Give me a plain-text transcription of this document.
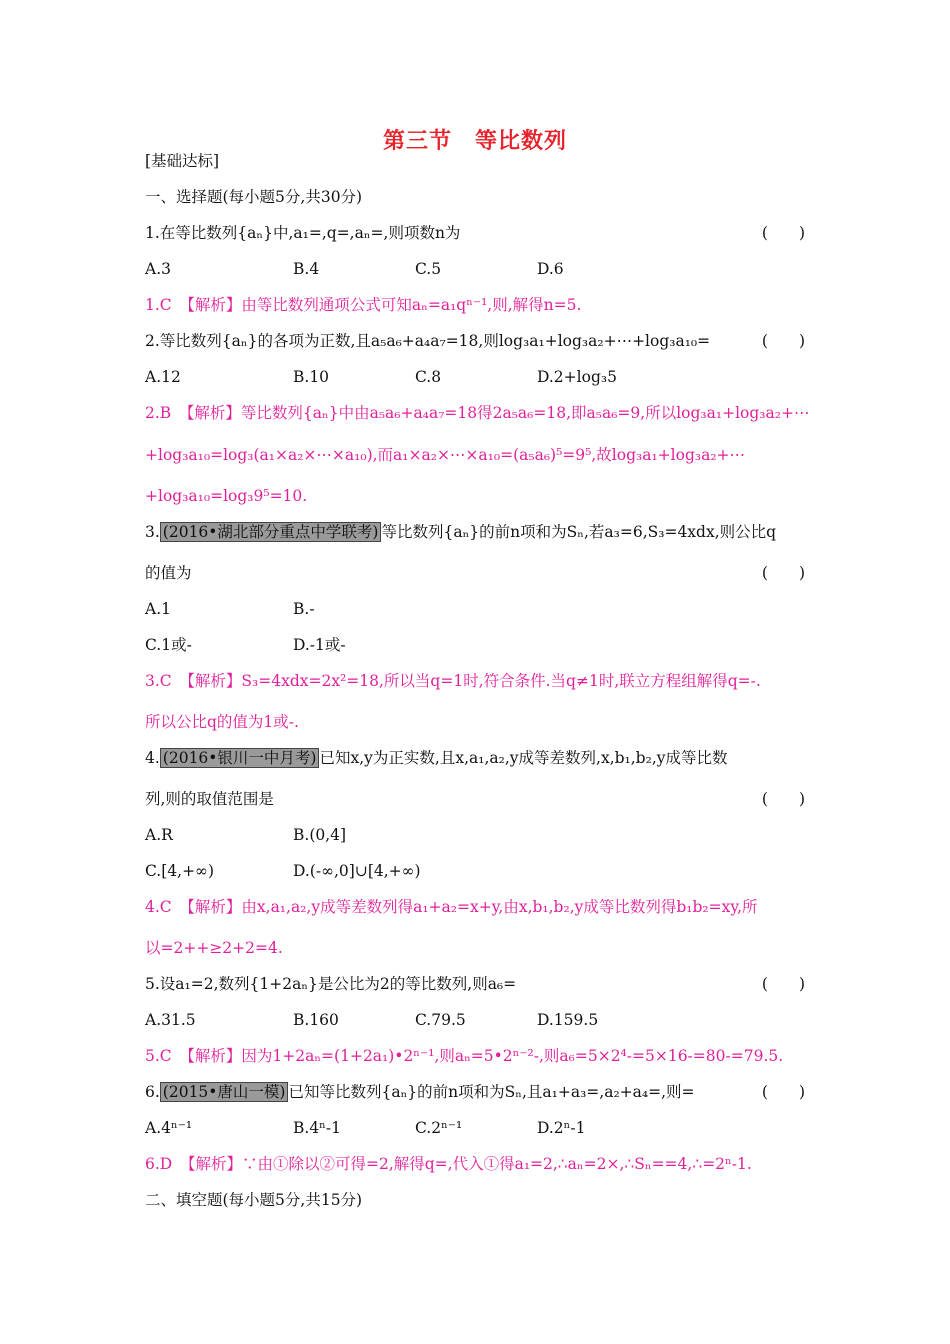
第三节　等比数列
[基础达标]
一、选择题(每小题5分,共30分)
1.在等比数列{aₙ}中,a₁=,q=,aₙ=,则项数n为	(　　)
A.3	B.4	C.5	D.6
1.C　【解析】由等比数列通项公式可知aₙ=a₁qⁿ⁻¹,则,解得n=5.
2.等比数列{aₙ}的各项为正数,且a₅a₆+a₄a₇=18,则log₃a₁+log₃a₂+⋯+log₃a₁₀=	(　　)
A.12	B.10	C.8	D.2+log₃5
2.B　【解析】等比数列{aₙ}中由a₅a₆+a₄a₇=18得2a₅a₆=18,即a₅a₆=9,所以log₃a₁+log₃a₂+⋯
+log₃a₁₀=log₃(a₁×a₂×⋯×a₁₀),而a₁×a₂×⋯×a₁₀=(a₅a₆)⁵=9⁵,故log₃a₁+log₃a₂+⋯
+log₃a₁₀=log₃9⁵=10.
3. (2016•湖北部分重点中学联考) 等比数列{aₙ}的前n项和为Sₙ,若a₃=6,S₃=4xdx,则公比q
的值为	(　　)
A.1	B.-
C.1或-	D.-1或-
3.C　【解析】S₃=4xdx=2x²=18,所以当q=1时,符合条件.当q≠1时,联立方程组解得q=-.
所以公比q的值为1或-.
4. (2016•银川一中月考) 已知x,y为正实数,且x,a₁,a₂,y成等差数列,x,b₁,b₂,y成等比数
列,则的取值范围是	(　　)
A.R	B.(0,4]
C.[4,+∞)	D.(-∞,0]∪[4,+∞)
4.C　【解析】由x,a₁,a₂,y成等差数列得a₁+a₂=x+y,由x,b₁,b₂,y成等比数列得b₁b₂=xy,所
以=2++≥2+2=4.
5.设a₁=2,数列{1+2aₙ}是公比为2的等比数列,则a₆=	(　　)
A.31.5	B.160	C.79.5	D.159.5
5.C　【解析】因为1+2aₙ=(1+2a₁)•2ⁿ⁻¹,则aₙ=5•2ⁿ⁻²-,则a₆=5×2⁴-=5×16-=80-=79.5.
6. (2015•唐山一模) 已知等比数列{aₙ}的前n项和为Sₙ,且a₁+a₃=,a₂+a₄=,则=	(　　)
A.4ⁿ⁻¹	B.4ⁿ-1	C.2ⁿ⁻¹	D.2ⁿ-1
6.D　【解析】∵由①除以②可得=2,解得q=,代入①得a₁=2,∴aₙ=2×,∴Sₙ==4,∴=2ⁿ-1.
二、填空题(每小题5分,共15分)
